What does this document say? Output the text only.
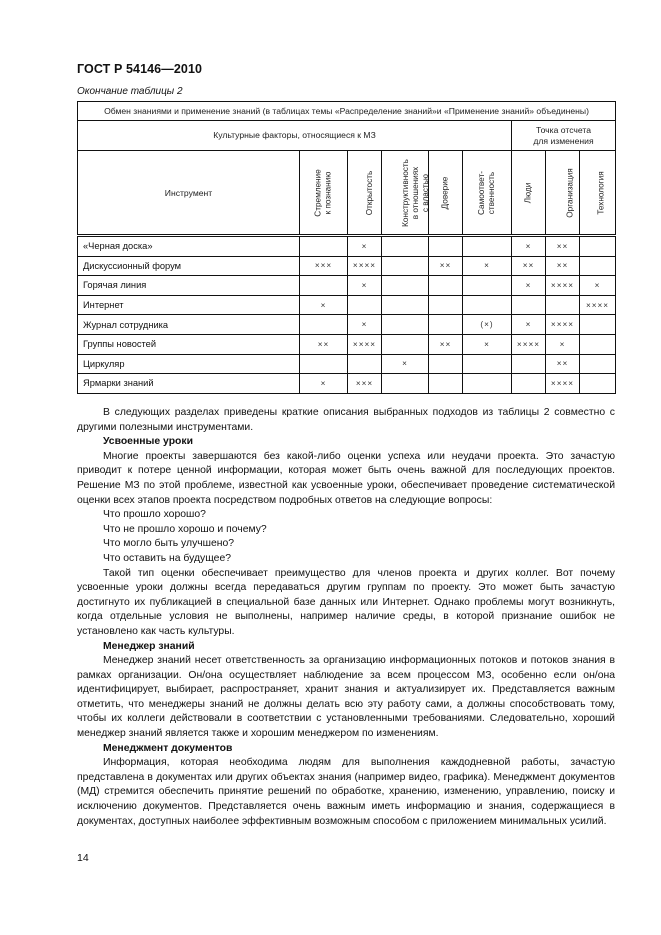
ГОСТ Р 54146—2010
Окончание таблицы 2
Обмен знаниями и применение знаний (в таблицах темы «Распределение знаний»и «Применение знаний» объединены)								
Культурные факторы, относящиеся к МЗ						Точка отсчета
для изменения		
Инструмент	Стремление
к познанию	Открытость	Конструктивность
в отношениях
с властью	Доверие	Самоответ-
ственность	Люди	Организация	Технология
«Черная доска»		×				×	××	
Дискуссионный форум	×××	××××		××	×	××	××	
Горячая линия		×				×	××××	×
Интернет	×							××××
Журнал сотрудника		×			(×)	×	××××	
Группы новостей	××	××××		××	×	××××	×	
Циркуляр			×				××	
Ярмарки знаний	×	×××					××××	

В следующих разделах приведены краткие описания выбранных подходов из таблицы 2 совместно с другими полезными инструментами.

Усвоенные уроки

Многие проекты завершаются без какой-либо оценки успеха или неудачи проекта. Это зачастую приводит к потере ценной информации, которая может быть очень важной для последующих проектов. Решение МЗ по этой проблеме, известной как усвоенные уроки, обеспечивает проведение систематической оценки всех этапов проекта посредством подробных ответов на следующие вопросы:

Что прошло хорошо?

Что не прошло хорошо и почему?

Что могло быть улучшено?

Что оставить на будущее?

Такой тип оценки обеспечивает преимущество для членов проекта и других коллег. Вот почему усвоенные уроки должны всегда передаваться другим группам по проекту. Это может быть зачастую достигнуто их публикацией в специальной базе данных или Интернет. Однако проблемы могут возникнуть, когда отдельные условия не выполнены, например наличие среды, в которой признание ошибок не установлено как часть культуры.

Менеджер знаний

Менеджер знаний несет ответственность за организацию информационных потоков и потоков знания в рамках организации. Он/она осуществляет наблюдение за всем процессом МЗ, особенно если он/она идентифицирует, выбирает, распространяет, хранит знания и актуализирует их. Представляется важным отметить, что менеджеры знаний не должны делать всю эту работу сами, а должны способствовать тому, чтобы их коллеги действовали в соответствии с установленными требованиями. Следовательно, хороший менеджер знаний является также и хорошим менеджером по изменениям.

Менеджмент документов

Информация, которая необходима людям для выполнения каждодневной работы, зачастую представлена в документах или других объектах знания (например видео, графика). Менеджмент документов (МД) стремится обеспечить принятие решений по обработке, хранению, изменению, управлению, поиску и исключению документов. Представляется очень важным иметь информацию и знания, содержащиеся в документах, доступных наиболее эффективным возможным способом с приложением минимальных усилий.

14
